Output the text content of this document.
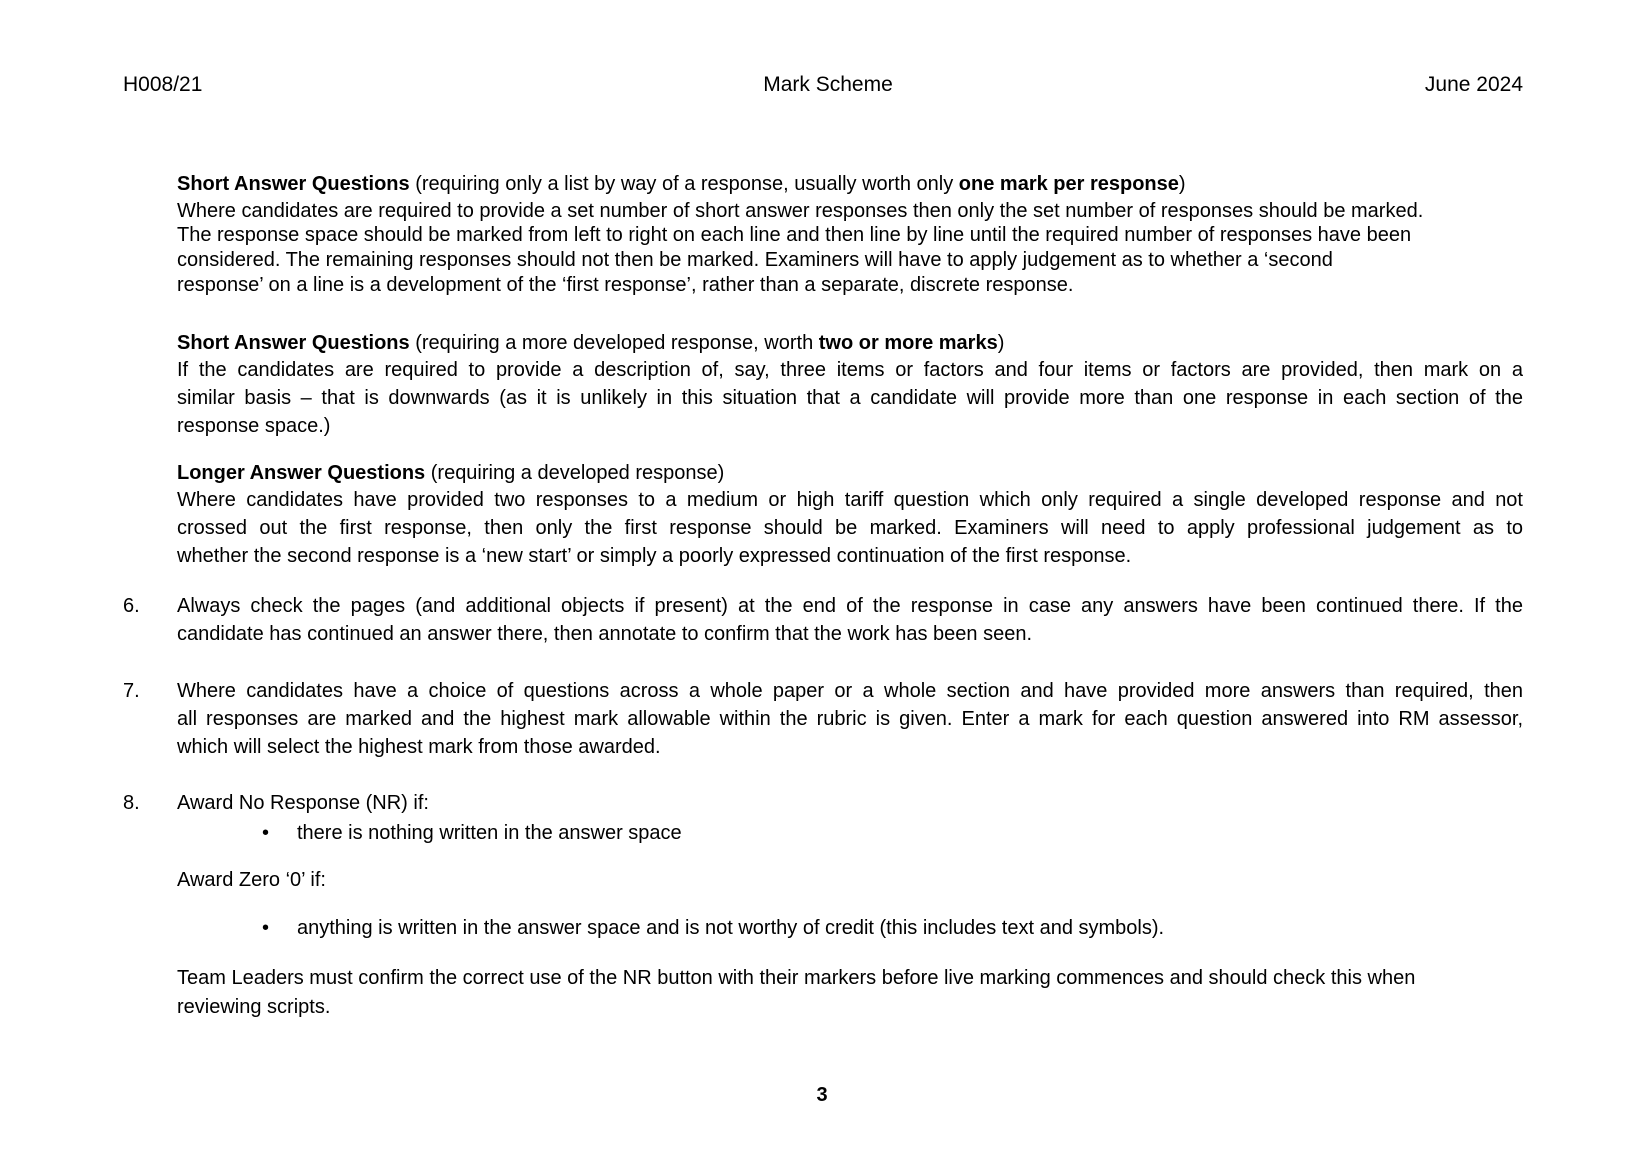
H008/21	Mark Scheme	June 2024
Short Answer Questions (requiring only a list by way of a response, usually worth only one mark per response)
Where candidates are required to provide a set number of short answer responses then only the set number of responses should be marked.
The response space should be marked from left to right on each line and then line by line until the required number of responses have been
considered. The remaining responses should not then be marked. Examiners will have to apply judgement as to whether a ‘second
response’ on a line is a development of the ‘first response’, rather than a separate, discrete response.
Short Answer Questions (requiring a more developed response, worth two or more marks)
If the candidates are required to provide a description of, say, three items or factors and four items or factors are provided, then mark on a
similar basis – that is downwards (as it is unlikely in this situation that a candidate will provide more than one response in each section of the
response space.)
Longer Answer Questions (requiring a developed response)
Where candidates have provided two responses to a medium or high tariff question which only required a single developed response and not
crossed out the first response, then only the first response should be marked. Examiners will need to apply professional judgement as to
whether the second response is a ‘new start’ or simply a poorly expressed continuation of the first response.
6. Always check the pages (and additional objects if present) at the end of the response in case any answers have been continued there. If the
candidate has continued an answer there, then annotate to confirm that the work has been seen.
7. Where candidates have a choice of questions across a whole paper or a whole section and have provided more answers than required, then
all responses are marked and the highest mark allowable within the rubric is given. Enter a mark for each question answered into RM assessor,
which will select the highest mark from those awarded.
8. Award No Response (NR) if:
• there is nothing written in the answer space
Award Zero ‘0’ if:
• anything is written in the answer space and is not worthy of credit (this includes text and symbols).
Team Leaders must confirm the correct use of the NR button with their markers before live marking commences and should check this when
reviewing scripts.
3
